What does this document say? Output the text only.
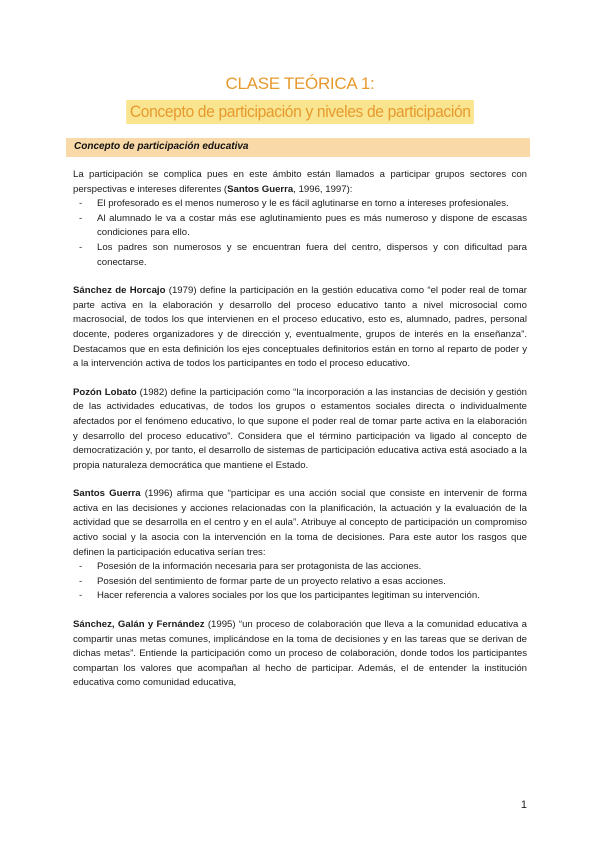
CLASE TEÓRICA 1:
Concepto de participación y niveles de participación
Concepto de participación educativa

La participación se complica pues en este ámbito están llamados a participar grupos sectores con perspectivas e intereses diferentes (Santos Guerra, 1996, 1997):

- El profesorado es el menos numeroso y le es fácil aglutinarse en torno a intereses profesionales.
- Al alumnado le va a costar más ese aglutinamiento pues es más numeroso y dispone de escasas condiciones para ello.
- Los padres son numerosos y se encuentran fuera del centro, dispersos y con dificultad para conectarse.

Sánchez de Horcajo (1979) define la participación en la gestión educativa como “el poder real de tomar parte activa en la elaboración y desarrollo del proceso educativo tanto a nivel microsocial como macrosocial, de todos los que intervienen en el proceso educativo, esto es, alumnado, padres, personal docente, poderes organizadores y de dirección y, eventualmente, grupos de interés en la enseñanza”. Destacamos que en esta definición los ejes conceptuales definitorios están en torno al reparto de poder y a la intervención activa de todos los participantes en todo el proceso educativo.

Pozón Lobato (1982) define la participación como “la incorporación a las instancias de decisión y gestión de las actividades educativas, de todos los grupos o estamentos sociales directa o individualmente afectados por el fenómeno educativo, lo que supone el poder real de tomar parte activa en la elaboración y desarrollo del proceso educativo”. Considera que el término participación va ligado al concepto de democratización y, por tanto, el desarrollo de sistemas de participación educativa activa está asociado a la propia naturaleza democrática que mantiene el Estado.

Santos Guerra (1996) afirma que “participar es una acción social que consiste en intervenir de forma activa en las decisiones y acciones relacionadas con la planificación, la actuación y la evaluación de la actividad que se desarrolla en el centro y en el aula”. Atribuye al concepto de participación un compromiso activo social y la asocia con la intervención en la toma de decisiones. Para este autor los rasgos que definen la participación educativa serían tres:

- Posesión de la información necesaria para ser protagonista de las acciones.
- Posesión del sentimiento de formar parte de un proyecto relativo a esas acciones.
- Hacer referencia a valores sociales por los que los participantes legitiman su intervención.

Sánchez, Galán y Fernández (1995) “un proceso de colaboración que lleva a la comunidad educativa a compartir unas metas comunes, implicándose en la toma de decisiones y en las tareas que se derivan de dichas metas”. Entiende la participación como un proceso de colaboración, donde todos los participantes compartan los valores que acompañan al hecho de participar. Además, el de entender la institución educativa como comunidad educativa,

1
